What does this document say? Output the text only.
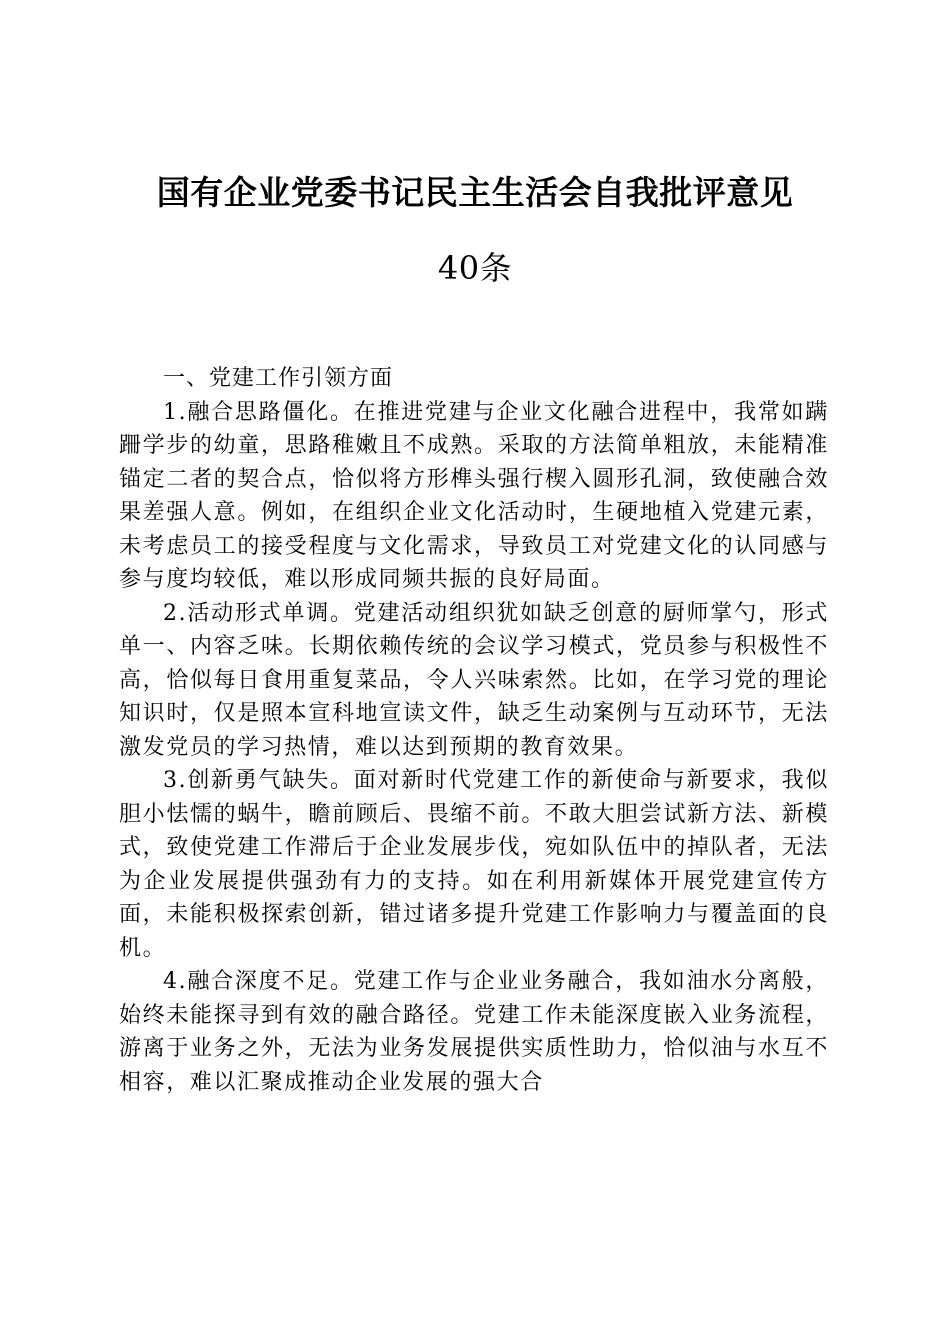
国有企业党委书记民主生活会自我批评意见
40条

一、党建工作引领方面

1.融合思路僵化。在推进党建与企业文化融合进程中，我常如蹒跚学步的幼童，思路稚嫩且不成熟。采取的方法简单粗放，未能精准锚定二者的契合点，恰似将方形榫头强行楔入圆形孔洞，致使融合效果差强人意。例如，在组织企业文化活动时，生硬地植入党建元素，未考虑员工的接受程度与文化需求，导致员工对党建文化的认同感与参与度均较低，难以形成同频共振的良好局面。

2.活动形式单调。党建活动组织犹如缺乏创意的厨师掌勺，形式单一、内容乏味。长期依赖传统的会议学习模式，党员参与积极性不高，恰似每日食用重复菜品，令人兴味索然。比如，在学习党的理论知识时，仅是照本宣科地宣读文件，缺乏生动案例与互动环节，无法激发党员的学习热情，难以达到预期的教育效果。

3.创新勇气缺失。面对新时代党建工作的新使命与新要求，我似胆小怯懦的蜗牛，瞻前顾后、畏缩不前。不敢大胆尝试新方法、新模式，致使党建工作滞后于企业发展步伐，宛如队伍中的掉队者，无法为企业发展提供强劲有力的支持。如在利用新媒体开展党建宣传方面，未能积极探索创新，错过诸多提升党建工作影响力与覆盖面的良机。

4.融合深度不足。党建工作与企业业务融合，我如油水分离般，始终未能探寻到有效的融合路径。党建工作未能深度嵌入业务流程，游离于业务之外，无法为业务发展提供实质性助力，恰似油与水互不相容，难以汇聚成推动企业发展的强大合
